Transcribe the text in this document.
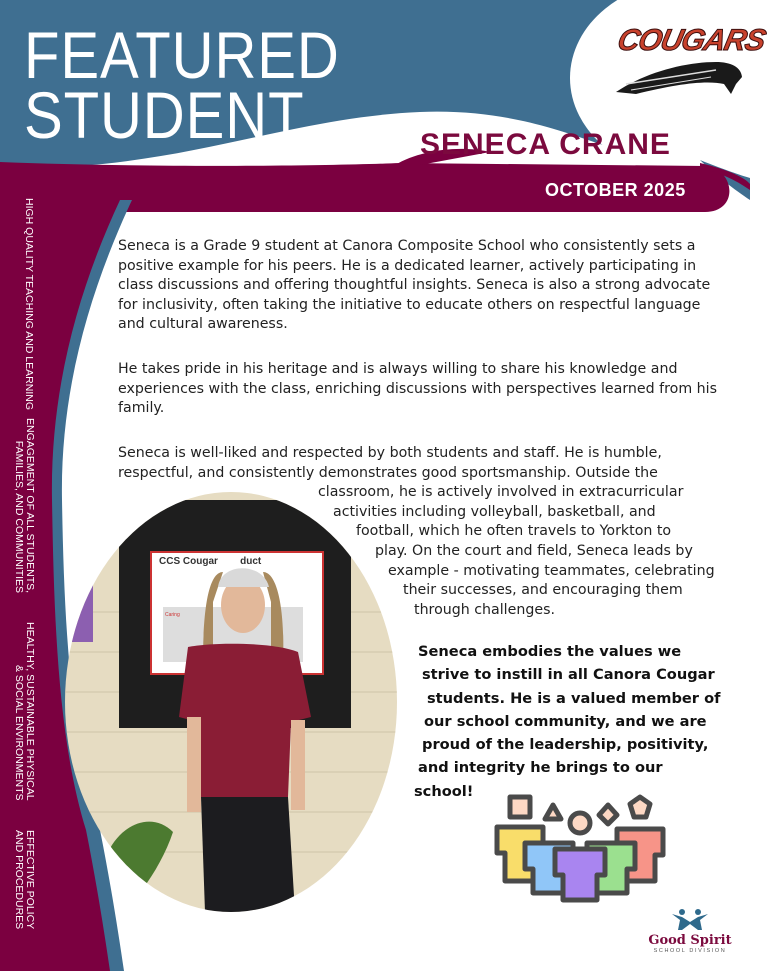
FEATURED
STUDENT
COUGARS
SENECA CRANE
OCTOBER 2025
HIGH QUALITY TEACHING AND LEARNING
ENGAGEMENT OF ALL STUDENTS,
FAMILIES, AND COMMUNITIES
HEALTHY, SUSTAINABLE PHYSICAL
& SOCIAL ENVIRONMENTS
EFFECTIVE POLICY
AND PROCEDURES

Seneca is a Grade 9 student at Canora Composite School who consistently sets a positive example for his peers. He is a dedicated learner, actively participating in class discussions and offering thoughtful insights. Seneca is also a strong advocate for inclusivity, often taking the initiative to educate others on respectful language and cultural awareness.

He takes pride in his heritage and is always willing to share his knowledge and experiences with the class, enriching discussions with perspectives learned from his family.

Seneca is well-liked and respected by both students and staff. He is humble,
respectful, and consistently demonstrates good sportsmanship. Outside the
classroom, he is actively involved in extracurricular
activities including volleyball, basketball, and
football, which he often travels to Yorkton to
play. On the court and field, Seneca leads by
example - motivating teammates, celebrating
their successes, and encouraging them
through challenges.
Seneca embodies the values we
strive to instill in all Canora Cougar
students. He is a valued member of
our school community, and we are
proud of the leadership, positivity,
and integrity he brings to our
school!
CCS Cougar        duct
Caring
Good Spirit
SCHOOL DIVISION
